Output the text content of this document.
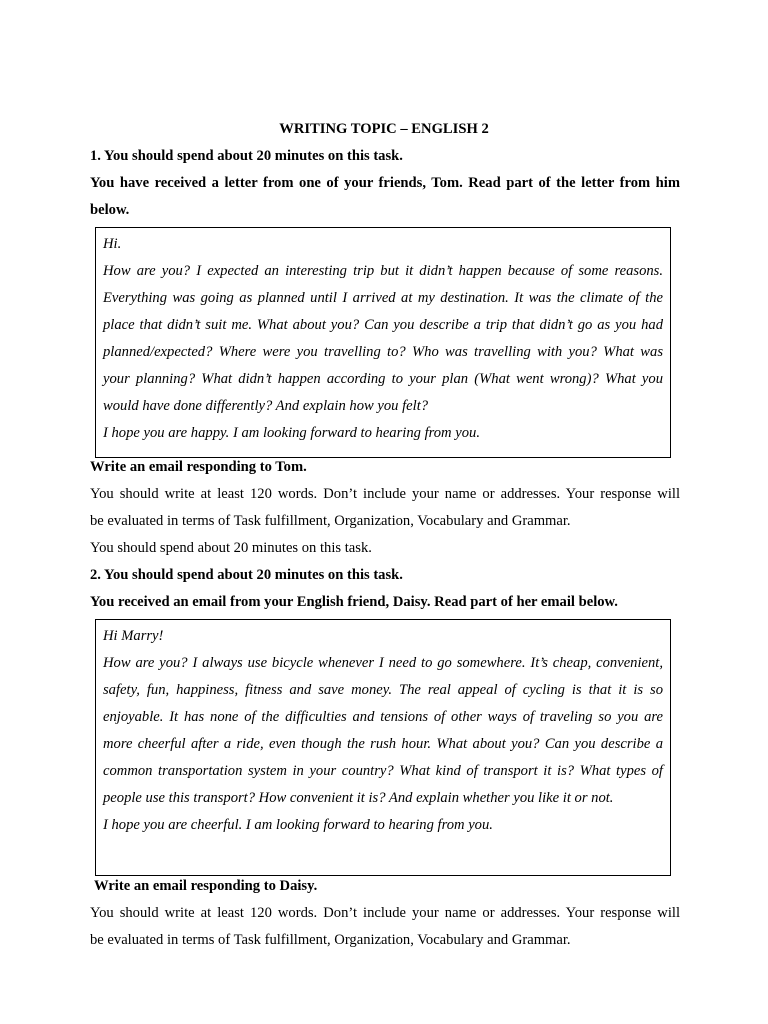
WRITING TOPIC – ENGLISH 2
1. You should spend about 20 minutes on this task.
You have received a letter from one of your friends, Tom. Read part of the letter from him
below.
Hi.
How are you? I expected an interesting trip but it didn’t happen because of some reasons.
Everything was going as planned until I arrived at my destination. It was the climate of the
place that didn’t suit me. What about you? Can you describe a trip that didn’t go as you had
planned/expected? Where were you travelling to? Who was travelling with you? What was
your planning? What didn’t happen according to your plan (What went wrong)? What you
would have done differently? And explain how you felt?
I hope you are happy. I am looking forward to hearing from you.
Write an email responding to Tom.
You should write at least 120 words. Don’t include your name or addresses. Your response will
be evaluated in terms of Task fulfillment, Organization, Vocabulary and Grammar.
You should spend about 20 minutes on this task.
2. You should spend about 20 minutes on this task.
You received an email from your English friend, Daisy. Read part of her email below.
Hi Marry!
How are you? I always use bicycle whenever I need to go somewhere. It’s cheap, convenient,
safety, fun, happiness, fitness and save money. The real appeal of cycling is that it is so
enjoyable. It has none of the difficulties and tensions of other ways of traveling so you are
more cheerful after a ride, even though the rush hour. What about you? Can you describe a
common transportation system in your country? What kind of transport it is? What types of
people use this transport? How convenient it is? And explain whether you like it or not.
I hope you are cheerful. I am looking forward to hearing from you.
Write an email responding to Daisy.
You should write at least 120 words. Don’t include your name or addresses. Your response will
be evaluated in terms of Task fulfillment, Organization, Vocabulary and Grammar.
